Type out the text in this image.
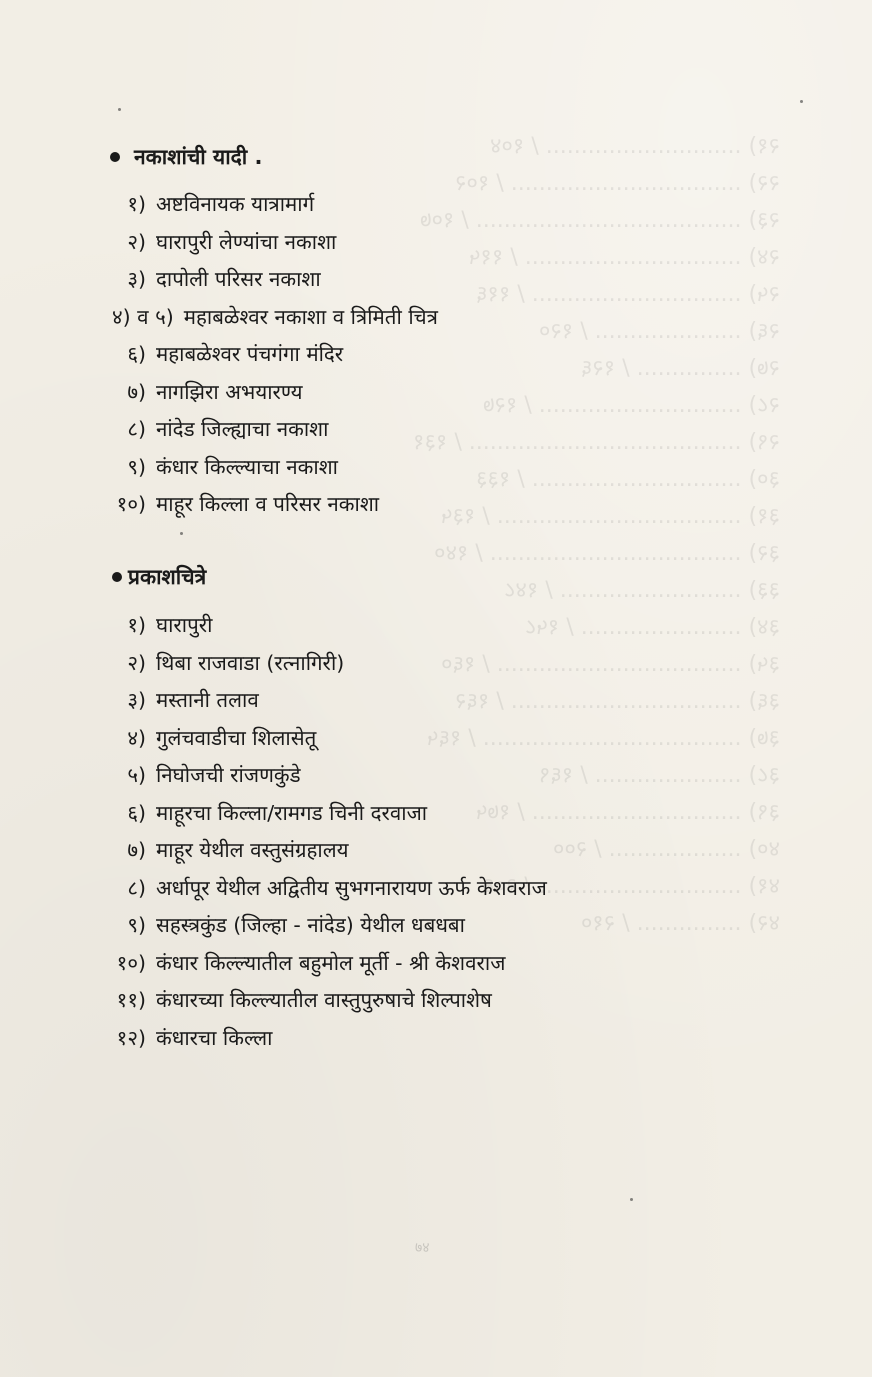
२१) ............................ / १०४
२२) ................................. / १०२
२३) ...................................... / १०७
२४) ............................... / ११५
२५) .............................. / ११६
२६) ..................... / १२०
२७) ............... / १२६
२८) ............................. / १२७
२९) ....................................... / १३१
३०) .............................. / १३३
३१) ................................... / १३५
३२) .................................... / १४०
३३) .......................... / १४८
३४) ....................... / १५८
३५) ................................... / १६०
३६) ................................. / १६२
३७) ..................................... / १६५
३८) ..................... / १६९
३९) .............................. / १७५
४०) ................... / २००
४१) ............................. / २०६
४२) ............... / २१०
नकाशांची यादी .
१) अष्टविनायक यात्रामार्ग
२) घारापुरी लेण्यांचा नकाशा
३) दापोली परिसर नकाशा
४) व ५) महाबळेश्वर नकाशा व त्रिमिती चित्र
६) महाबळेश्वर पंचगंगा मंदिर
७) नागझिरा अभयारण्य
८) नांदेड जिल्ह्याचा नकाशा
९) कंधार किल्ल्याचा नकाशा
१०) माहूर किल्ला व परिसर नकाशा
प्रकाशचित्रे
१) घारापुरी
२) थिबा राजवाडा (रत्नागिरी)
३) मस्तानी तलाव
४) गुलंचवाडीचा शिलासेतू
५) निघोजची रांजणकुंडे
६) माहूरचा किल्ला/रामगड चिनी दरवाजा
७) माहूर येथील वस्तुसंग्रहालय
८) अर्धापूर येथील अद्वितीय सुभगनारायण ऊर्फ केशवराज
९) सहस्त्रकुंड (जिल्हा - नांदेड) येथील धबधबा
१०) कंधार किल्ल्यातील बहुमोल मूर्ती - श्री केशवराज
११) कंधारच्या किल्ल्यातील वास्तुपुरुषाचे शिल्पाशेष
१२) कंधारचा किल्ला
७४
